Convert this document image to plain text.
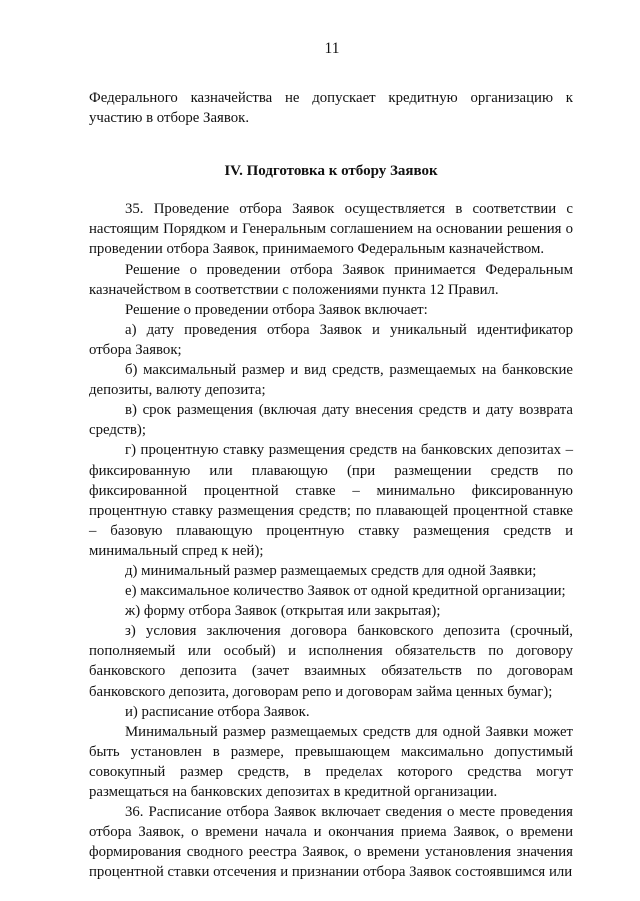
11

Федерального казначейства не допускает кредитную организацию к участию в отборе Заявок.

IV. Подготовка к отбору Заявок

35. Проведение отбора Заявок осуществляется в соответствии с настоящим Порядком и Генеральным соглашением на основании решения о проведении отбора Заявок, принимаемого Федеральным казначейством.

Решение о проведении отбора Заявок принимается Федеральным казначейством в соответствии с положениями пункта 12 Правил.

Решение о проведении отбора Заявок включает:

а) дату проведения отбора Заявок и уникальный идентификатор отбора Заявок;

б) максимальный размер и вид средств, размещаемых на банковские депозиты, валюту депозита;

в) срок размещения (включая дату внесения средств и дату возврата средств);

г) процентную ставку размещения средств на банковских депозитах – фиксированную или плавающую (при размещении средств по фиксированной процентной ставке – минимально фиксированную процентную ставку размещения средств; по плавающей процентной ставке – базовую плавающую процентную ставку размещения средств и минимальный спред к ней);

д) минимальный размер размещаемых средств для одной Заявки;

е) максимальное количество Заявок от одной кредитной организации;

ж) форму отбора Заявок (открытая или закрытая);

з) условия заключения договора банковского депозита (срочный, пополняемый или особый) и исполнения обязательств по договору банковского депозита (зачет взаимных обязательств по договорам банковского депозита, договорам репо и договорам займа ценных бумаг);

и) расписание отбора Заявок.

Минимальный размер размещаемых средств для одной Заявки может быть установлен в размере, превышающем максимально допустимый совокупный размер средств, в пределах которого средства могут размещаться на банковских депозитах в кредитной организации.

36. Расписание отбора Заявок включает сведения о месте проведения отбора Заявок, о времени начала и окончания приема Заявок, о времени формирования сводного реестра Заявок, о времени установления значения процентной ставки отсечения и признании отбора Заявок состоявшимся или
